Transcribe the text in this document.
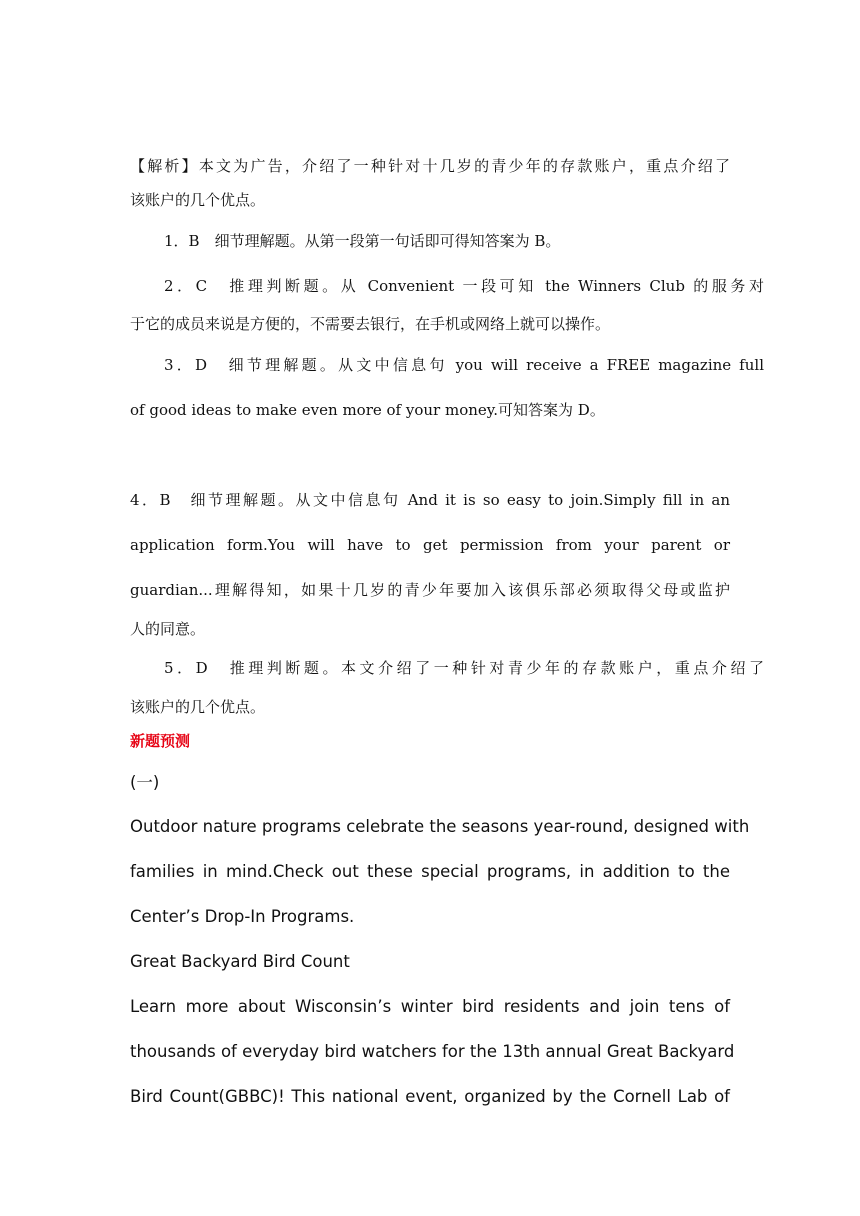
【解析】本文为广告，介绍了一种针对十几岁的青少年的存款账户，重点介绍了
该账户的几个优点。
1．B　细节理解题。从第一段第一句话即可得知答案为 B。
2．C　推理判断题。从 Convenient 一段可知 the Winners Club 的服务对
于它的成员来说是方便的，不需要去银行，在手机或网络上就可以操作。
3．D　细节理解题。从文中信息句 you will receive a FREE magazine full
of good ideas to make even more of your money.可知答案为 D。
4．B　细节理解题。从文中信息句 And it is so easy to join.Simply fill in an
application form.You will have to get permission from your parent or
guardian...理解得知，如果十几岁的青少年要加入该俱乐部必须取得父母或监护
人的同意。
5．D　推理判断题。本文介绍了一种针对青少年的存款账户，重点介绍了
该账户的几个优点。
新题预测
(一)
Outdoor nature programs celebrate the seasons year-round, designed with
families in mind.Check out these special programs, in addition to the
Center’s Drop-In Programs.
Great Backyard Bird Count
Learn more about Wisconsin’s winter bird residents and join tens of
thousands of everyday bird watchers for the 13th annual Great Backyard
Bird Count(GBBC)! This national event, organized by the Cornell Lab of
